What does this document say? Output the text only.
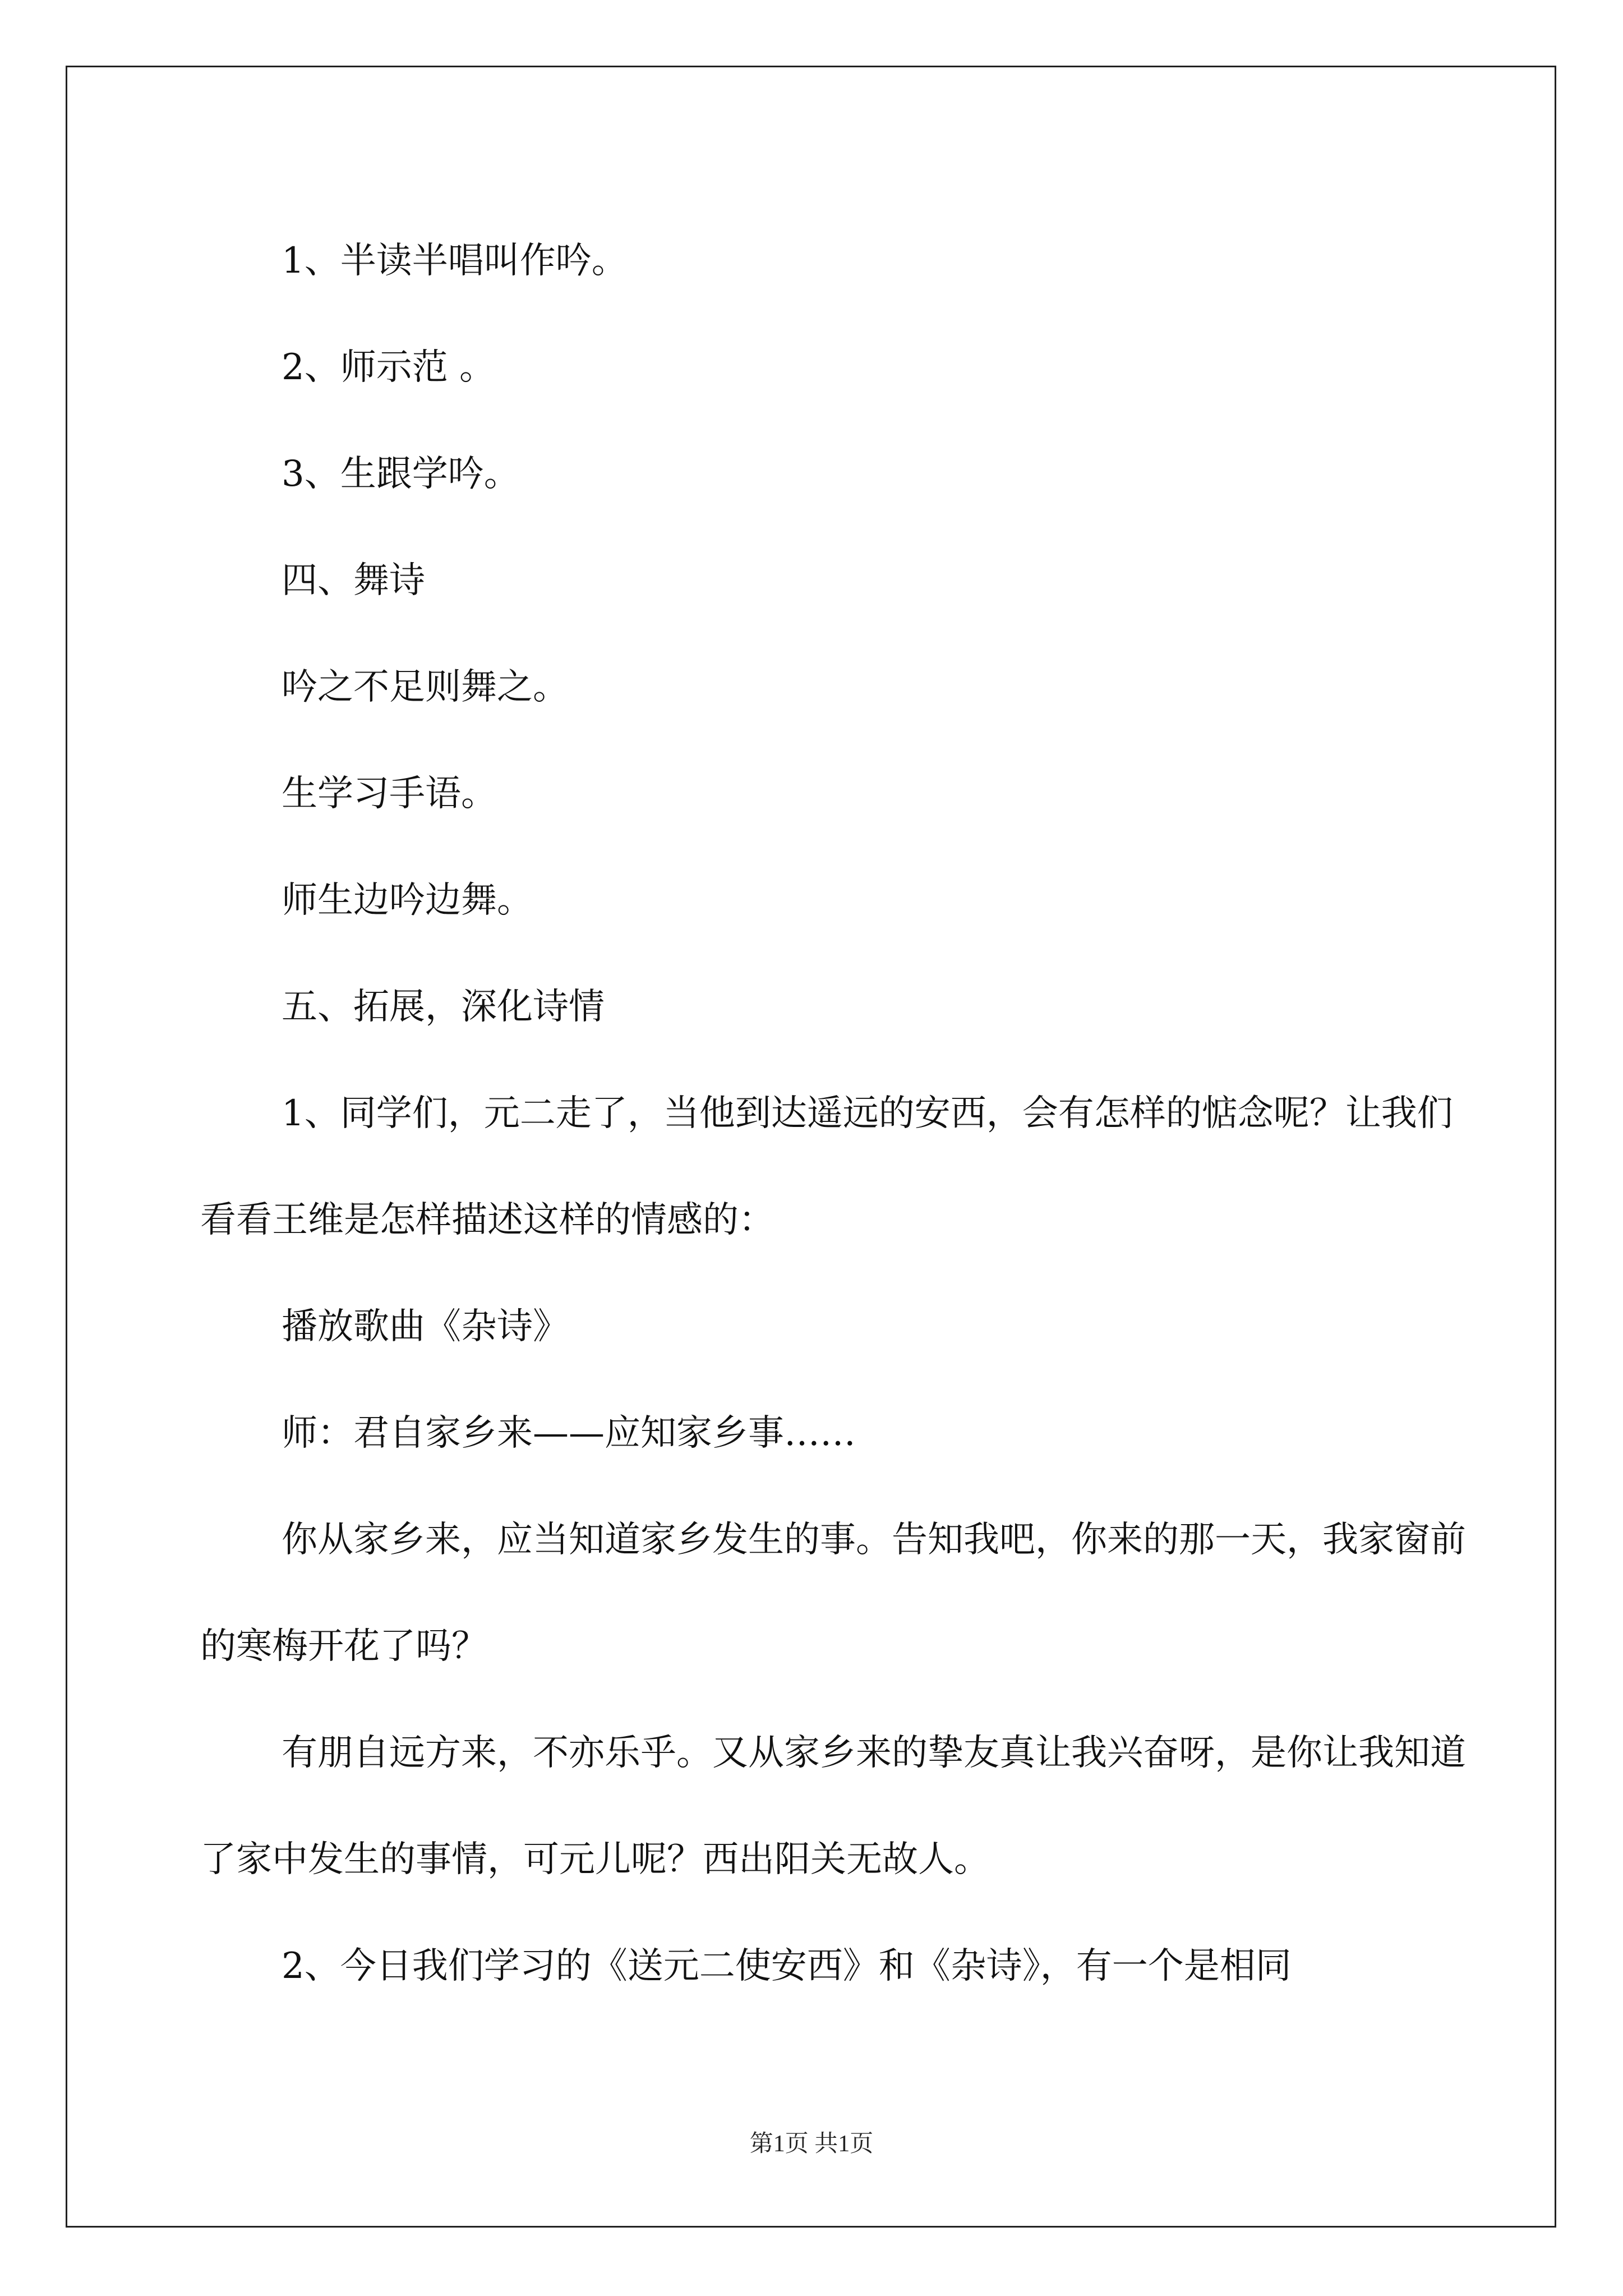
1、半读半唱叫作吟。

2、师示范 。

3、生跟学吟。

四、舞诗

吟之不足则舞之。

生学习手语。

师生边吟边舞。

五、拓展，深化诗情

1、同学们，元二走了，当他到达遥远的安西，会有怎样的惦念呢？让我们看看王维是怎样描述这样的情感的：

播放歌曲《杂诗》

师：君自家乡来——应知家乡事……

你从家乡来，应当知道家乡发生的事。告知我吧，你来的那一天，我家窗前的寒梅开花了吗？

有朋自远方来，不亦乐乎。又从家乡来的挚友真让我兴奋呀，是你让我知道了家中发生的事情，可元儿呢？西出阳关无故人。

2、今日我们学习的《送元二使安西》和《杂诗》，有一个是相同

第1页 共1页
